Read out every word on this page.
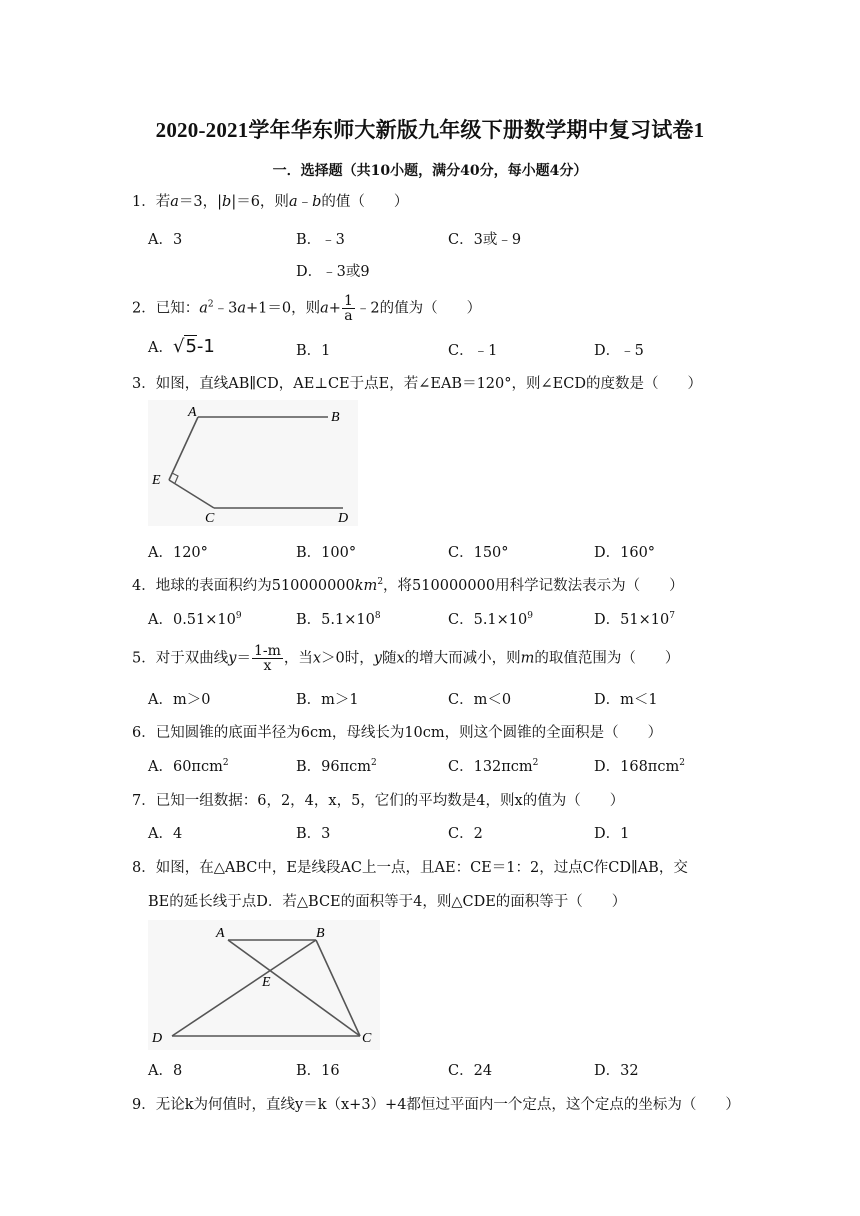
2020-2021学年华东师大新版九年级下册数学期中复习试卷1
一．选择题（共10小题，满分40分，每小题4分）
1．若a＝3，|b|＝6，则a﹣b的值（　　）
A．3	B．﹣3	C．3或﹣9
D．﹣3或9
2．已知：$a^2﹣3a+1=0$，则$a+ \frac{1}{a}$ ﹣2的值为（　　）
A．√5-1	B．1	C．﹣1	D．﹣5
3．如图，直线AB∥CD，AE⊥CE于点E，若∠EAB＝120°，则∠ECD的度数是（　　）
A	B
E
C	D
A．120°	B．100°	C．150°	D．160°
4．地球的表面积约为$510000000km^2$，将510000000用科学记数法表示为（　　）
A．$0.51\times 10^9$	B．$5.1\times 10^8$	C．$5.1\times 10^9$	D．$51\times 10^7$
5．对于双曲线$y= \frac{1-m}{x}$ ，当x＞0时，y随x的增大而减小，则m的取值范围为（　　）
A．m＞0	B．m＞1	C．m＜0	D．m＜1
6．已知圆锥的底面半径为6cm，母线长为10cm，则这个圆锥的全面积是（　　）
A．60πcm$^2$	B．96πcm$^2$	C．132πcm$^2$	D．168πcm$^2$
7．已知一组数据：6，2，4，x，5，它们的平均数是4，则x的值为（　　）
A．4	B．3	C．2	D．1
8．如图，在△ABC中，E是线段AC上一点，且AE：CE＝1：2，过点C作CD∥AB，交
BE的延长线于点D．若△BCE的面积等于4，则△CDE的面积等于（　　）
A	B
E
D	C
A．8	B．16	C．24	D．32
9．无论k为何值时，直线y＝k（x+3）+4都恒过平面内一个定点，这个定点的坐标为（　　）
